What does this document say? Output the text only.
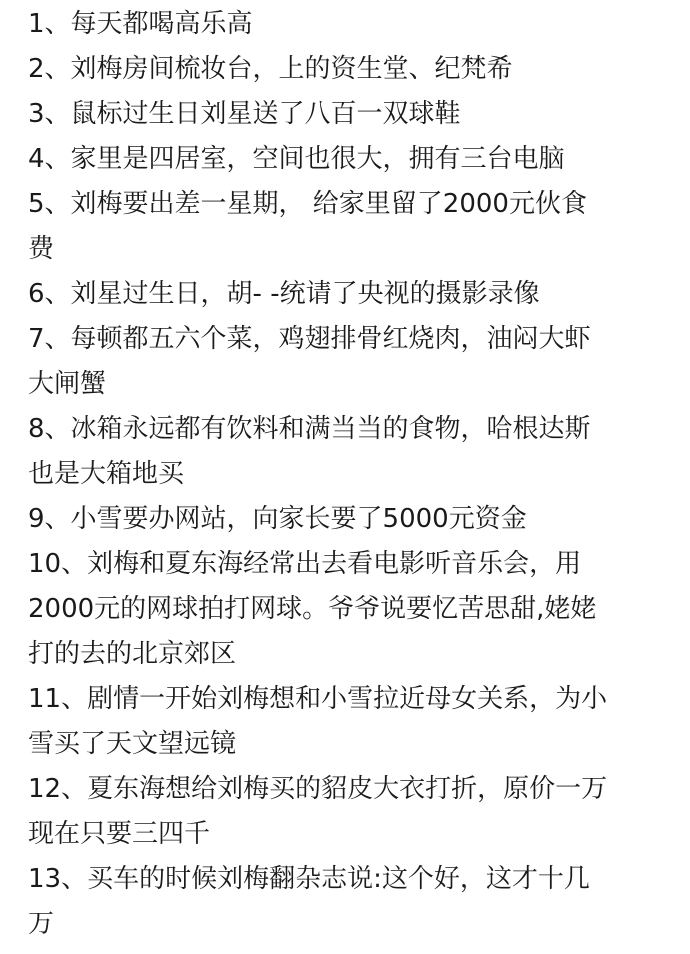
1、每天都喝高乐高
2、刘梅房间梳妆台，上的资生堂、纪梵希
3、鼠标过生日刘星送了八百一双球鞋
4、家里是四居室，空间也很大，拥有三台电脑
5、刘梅要出差一星期， 给家里留了2000元伙食
费
6、刘星过生日，胡- -统请了央视的摄影录像
7、每顿都五六个菜，鸡翅排骨红烧肉，油闷大虾
大闸蟹
8、冰箱永远都有饮料和满当当的食物，哈根达斯
也是大箱地买
9、小雪要办网站，向家长要了5000元资金
10、刘梅和夏东海经常出去看电影听音乐会，用
2000元的网球拍打网球。爷爷说要忆苦思甜,姥姥
打的去的北京郊区
11、剧情一开始刘梅想和小雪拉近母女关系，为小
雪买了天文望远镜
12、夏东海想给刘梅买的貂皮大衣打折，原价一万
现在只要三四千
13、买车的时候刘梅翻杂志说:这个好，这才十几
万
